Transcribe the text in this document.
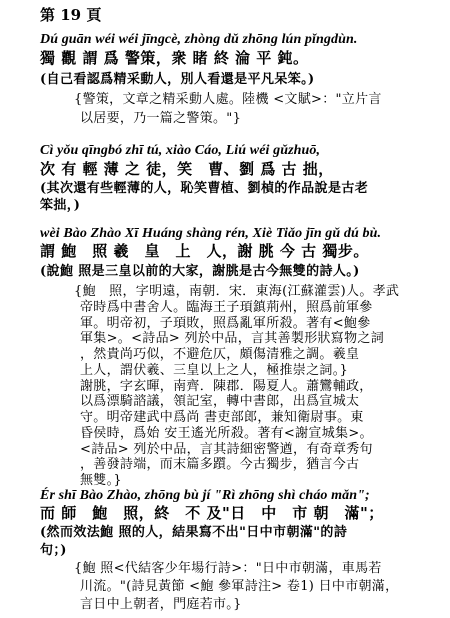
第 19 頁
Dú guān wéi wéi jīngcè, zhòng dǔ zhōng lún pǐngdùn.
獨 觀 謂 爲 警策，衆 睹 終 淪 平 鈍。
(自己看認爲精采動人，別人看還是平凡呆笨。)
{警策，文章之精采動人處。陸機 <文賦>："立片言
以居要，乃一篇之警策。"}
Cì yǒu qīngbó zhī tú, xiào Cáo, Liú wéi gǔzhuō,
次 有 輕 薄 之 徒，笑　曹、劉 爲 古 拙，
(其次還有些輕薄的人，恥笑曹植、劉楨的作品說是古老
笨拙，)
wèi Bào Zhào Xī Huáng shàng rén, Xiè Tiǎo jīn gǔ dú bù.
謂 鮑　照 羲　皇　上　人，謝 朓 今 古 獨步。
(說鮑 照是三皇以前的大家，謝朓是古今無雙的詩人。)
{鮑　照，字明遠，南朝．宋．東海(江蘇灌雲)人。孝武
帝時爲中書舍人。臨海王子頊鎮荊州，照爲前軍參
軍。明帝初，子頊敗，照爲亂軍所殺。著有<鮑參
軍集>。<詩品> 列於中品，言其善製形狀寫物之詞
，然貴尚巧似，不避危仄，頗傷清雅之調。羲皇
上人，謂伏羲、三皇以上之人，極推崇之詞。}
謝朓，字玄暉，南齊．陳郡．陽夏人。蕭鸞輔政，
以爲漂騎諮議，領記室，轉中書郎，出爲宣城太
守。明帝建武中爲尚 書吏部郎，兼知衛尉事。東
昏侯時，爲始 安王遙光所殺。著有<謝宣城集>。
<詩品> 列於中品，言其詩細密警遒，有奇章秀句
，善發詩端，而末篇多躓。今古獨步，猶言今古
無雙。}
Ér shī Bào Zhào, zhōng bù jí "Rì zhōng shì cháo mǎn";
而 師　鮑　照，終　不 及"日　中　市 朝　滿"；
(然而效法鮑 照的人，結果寫不出"日中市朝滿"的詩
句；)
{鮑 照<代結客少年場行詩>："日中市朝滿，車馬若
川流。"(詩見黃節 <鮑 參軍詩注> 卷1) 日中市朝滿，
言日中上朝者，門庭若市。}
